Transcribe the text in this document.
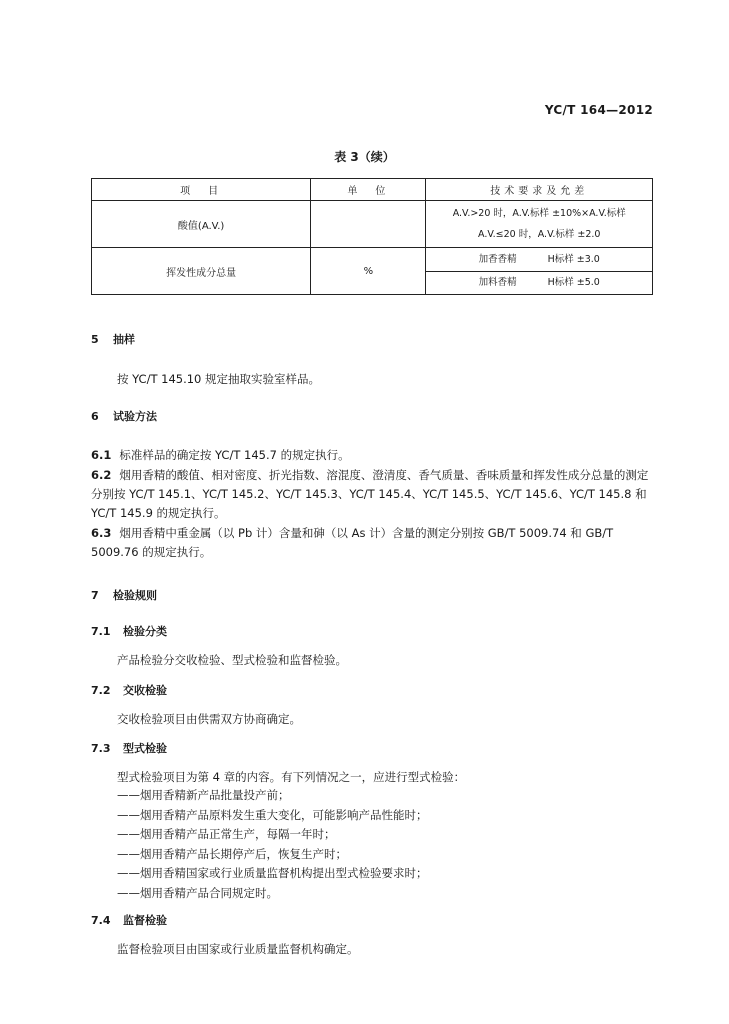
YC/T 164—2012
表 3（续）
项　目	单　位	技术要求及允差
酸值(A.V.)		A.V.>20 时，A.V.标样 ±10%×A.V.标样
A.V.≤20 时，A.V.标样 ±2.0

挥发性成分总量	%	加香香精 H标样 ±3.0
加料香精 H标样 ±5.0
5 抽样
按 YC/T 145.10 规定抽取实验室样品。
6 试验方法
6.1 标准样品的确定按 YC/T 145.7 的规定执行。
6.2 烟用香精的酸值、相对密度、折光指数、溶混度、澄清度、香气质量、香味质量和挥发性成分总量的测定分别按 YC/T 145.1、YC/T 145.2、YC/T 145.3、YC/T 145.4、YC/T 145.5、YC/T 145.6、YC/T 145.8 和 YC/T 145.9 的规定执行。
6.3 烟用香精中重金属（以 Pb 计）含量和砷（以 As 计）含量的测定分别按 GB/T 5009.74 和 GB/T 5009.76 的规定执行。
7 检验规则
7.1 检验分类
产品检验分交收检验、型式检验和监督检验。
7.2 交收检验
交收检验项目由供需双方协商确定。
7.3 型式检验
型式检验项目为第 4 章的内容。有下列情况之一，应进行型式检验：
——烟用香精新产品批量投产前；
——烟用香精产品原料发生重大变化，可能影响产品性能时；
——烟用香精产品正常生产，每隔一年时；
——烟用香精产品长期停产后，恢复生产时；
——烟用香精国家或行业质量监督机构提出型式检验要求时；
——烟用香精产品合同规定时。
7.4 监督检验
监督检验项目由国家或行业质量监督机构确定。
